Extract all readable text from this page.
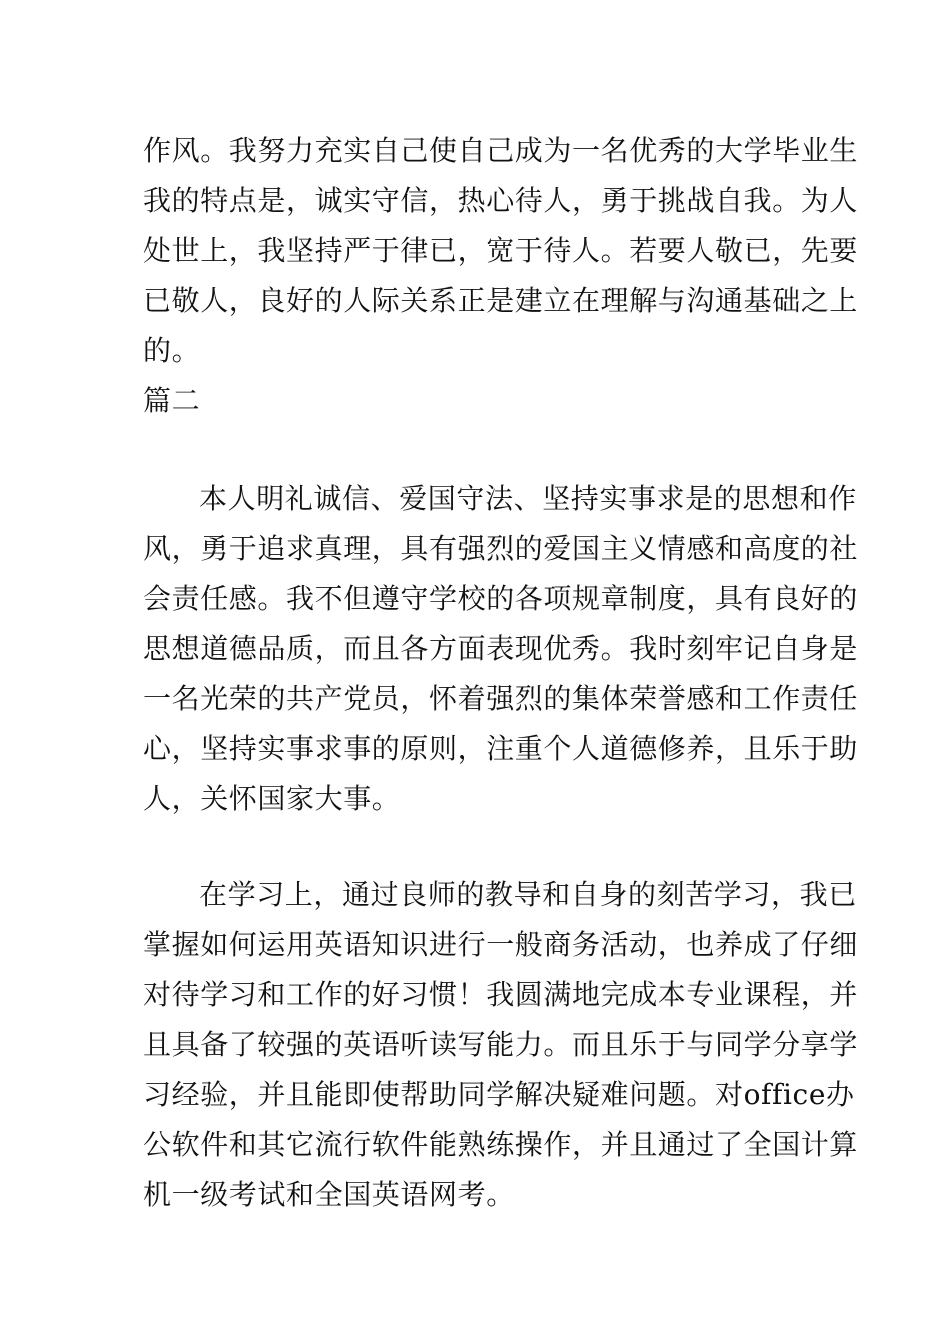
作风。我努力充实自己使自己成为一名优秀的大学毕业生
我的特点是，诚实守信，热心待人，勇于挑战自我。为人
处世上，我坚持严于律已，宽于待人。若要人敬已，先要
已敬人，良好的人际关系正是建立在理解与沟通基础之上
的。
篇二
本人明礼诚信、爱国守法、坚持实事求是的思想和作
风，勇于追求真理，具有强烈的爱国主义情感和高度的社
会责任感。我不但遵守学校的各项规章制度，具有良好的
思想道德品质，而且各方面表现优秀。我时刻牢记自身是
一名光荣的共产党员，怀着强烈的集体荣誉感和工作责任
心，坚持实事求事的原则，注重个人道德修养，且乐于助
人，关怀国家大事。
在学习上，通过良师的教导和自身的刻苦学习，我已
掌握如何运用英语知识进行一般商务活动，也养成了仔细
对待学习和工作的好习惯！我圆满地完成本专业课程，并
且具备了较强的英语听读写能力。而且乐于与同学分享学
习经验，并且能即使帮助同学解决疑难问题。对office办
公软件和其它流行软件能熟练操作，并且通过了全国计算
机一级考试和全国英语网考。
